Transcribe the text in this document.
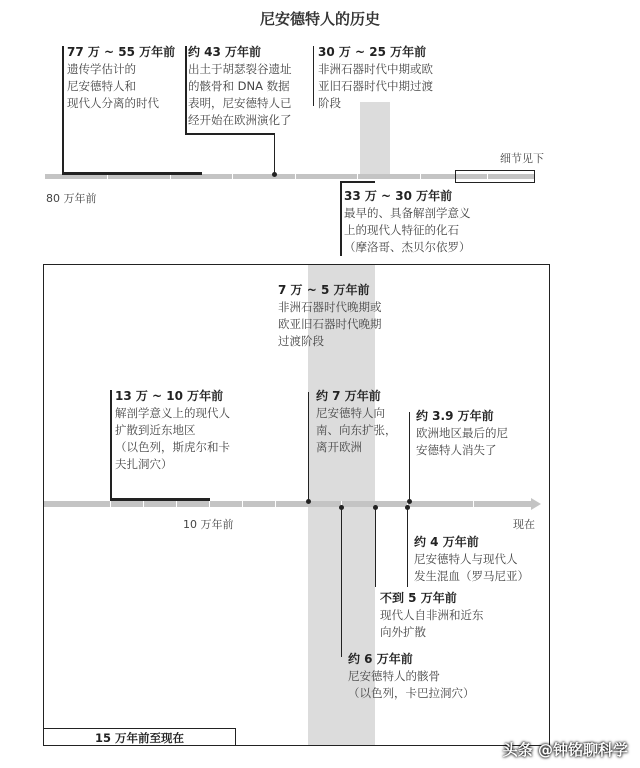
尼安德特人的历史
细节见下
80 万年前
77 万 ~ 55 万年前
遗传学估计的
尼安德特人和
现代人分离的时代
约 43 万年前
出土于胡瑟裂谷遗址
的骸骨和 DNA 数据
表明，尼安德特人已
经开始在欧洲演化了
30 万 ~ 25 万年前
非洲石器时代中期或欧
亚旧石器时代中期过渡
阶段
33 万 ~ 30 万年前
最早的、具备解剖学意义
上的现代人特征的化石
（摩洛哥、杰贝尔依罗）
10 万年前	现在
7 万 ~ 5 万年前
非洲石器时代晚期或
欧亚旧石器时代晚期
过渡阶段
13 万 ~ 10 万年前
解剖学意义上的现代人
扩散到近东地区
（以色列，斯虎尔和卡
夫扎洞穴）
约 7 万年前
尼安德特人向
南、向东扩张，
离开欧洲
约 3.9 万年前
欧洲地区最后的尼
安德特人消失了
约 4 万年前
尼安德特人与现代人
发生混血（罗马尼亚）
不到 5 万年前
现代人自非洲和近东
向外扩散
约 6 万年前
尼安德特人的骸骨
（以色列，卡巴拉洞穴）
15 万年前至现在
头条 @钟铭聊科学
